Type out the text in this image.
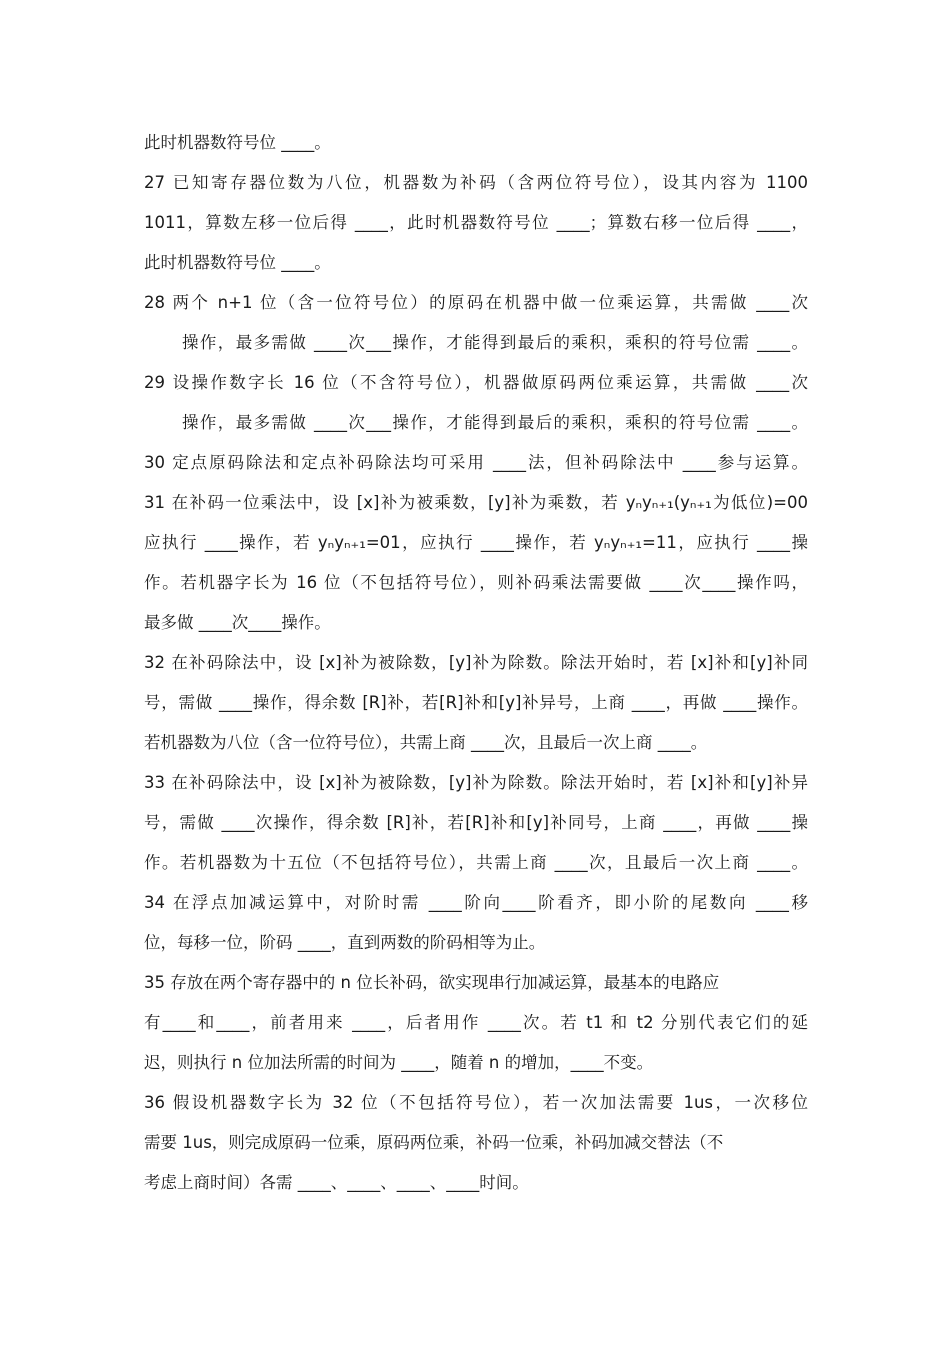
此时机器数符号位 ____。
27 已知寄存器位数为八位，机器数为补码（含两位符号位），设其内容为 1100
1011，算数左移一位后得 ____，此时机器数符号位 ____；算数右移一位后得 ____，
此时机器数符号位 ____。
28 两个 n+1 位（含一位符号位）的原码在机器中做一位乘运算，共需做 ____次
操作，最多需做 ____次___操作，才能得到最后的乘积，乘积的符号位需 ____。
29 设操作数字长 16 位（不含符号位），机器做原码两位乘运算，共需做 ____次
操作，最多需做 ____次___操作，才能得到最后的乘积，乘积的符号位需 ____。
30 定点原码除法和定点补码除法均可采用 ____法，但补码除法中 ____参与运算。
31 在补码一位乘法中，设 [x]补为被乘数，[y]补为乘数，若 yₙyₙ₊₁(yₙ₊₁为低位)=00
应执行 ____操作，若 yₙyₙ₊₁=01，应执行 ____操作，若 yₙyₙ₊₁=11，应执行 ____操
作。若机器字长为 16 位（不包括符号位），则补码乘法需要做 ____次____操作吗，
最多做 ____次____操作。
32 在补码除法中，设 [x]补为被除数，[y]补为除数。除法开始时，若 [x]补和[y]补同
号，需做 ____操作，得余数 [R]补，若[R]补和[y]补异号，上商 ____，再做 ____操作。
若机器数为八位（含一位符号位），共需上商 ____次，且最后一次上商 ____。
33 在补码除法中，设 [x]补为被除数，[y]补为除数。除法开始时，若 [x]补和[y]补异
号，需做 ____次操作，得余数 [R]补，若[R]补和[y]补同号，上商 ____，再做 ____操
作。若机器数为十五位（不包括符号位），共需上商 ____次，且最后一次上商 ____。
34 在浮点加减运算中，对阶时需 ____阶向____阶看齐，即小阶的尾数向 ____移
位，每移一位，阶码 ____，直到两数的阶码相等为止。
35 存放在两个寄存器中的 n 位长补码，欲实现串行加减运算，最基本的电路应
有____和____，前者用来 ____，后者用作 ____次。若 t1 和 t2 分别代表它们的延
迟，则执行 n 位加法所需的时间为 ____，随着 n 的增加，____不变。
36 假设机器数字长为 32 位（不包括符号位），若一次加法需要 1us，一次移位
需要 1us，则完成原码一位乘，原码两位乘，补码一位乘，补码加减交替法（不
考虑上商时间）各需 ____、____、____、____时间。
